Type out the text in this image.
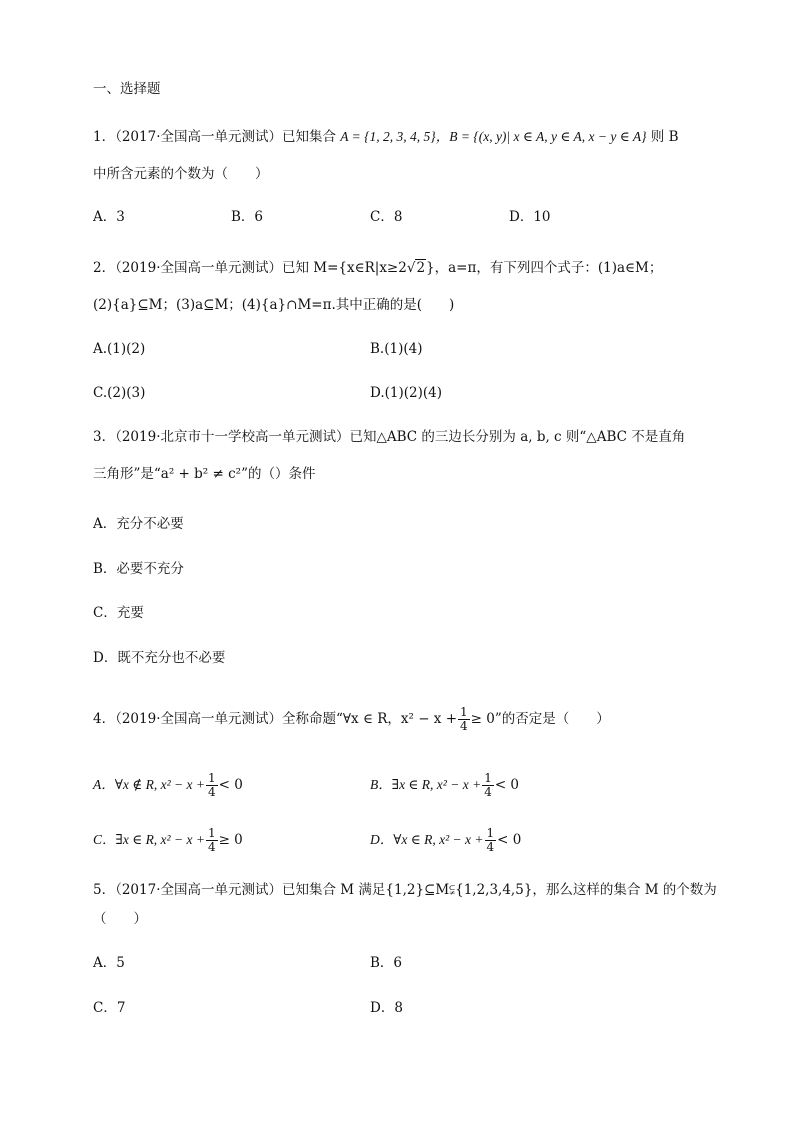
一、选择题
1．（2017·全国高一单元测试）已知集合 A = {1, 2, 3, 4, 5}，B = {(x, y)| x ∈ A, y ∈ A, x − y ∈ A} 则 B
中所含元素的个数为（　　）
A．3	B．6	C．8	D．10
2．（2019·全国高一单元测试）已知 M={x∈R|x≥2√2}，a=π，有下列四个式子：(1)a∈M；
(2){a}⊆M；(3)a⊆M；(4){a}∩M=π.其中正确的是(　　)
A.(1)(2)	B.(1)(4)
C.(2)(3)	D.(1)(2)(4)
3．（2019·北京市十一学校高一单元测试）已知△ABC 的三边长分别为 a, b, c 则“△ABC 不是直角
三角形”是“a² + b² ≠ c²”的（）条件
A．充分不必要
B．必要不充分
C．充要
D．既不充分也不必要
4．（2019·全国高一单元测试）全称命题“∀x ∈ R，$x^2 - x + \frac{1}{4} \ge 0$”的否定是（　　）
A．∀x ∉ R, $x^2 - x + \frac{1}{4} < 0$	B．∃x ∈ R, $x^2 - x + \frac{1}{4} < 0$
C．∃x ∈ R, $x^2 - x + \frac{1}{4} \ge 0$	D．∀x ∈ R, $x^2 - x + \frac{1}{4} < 0$
5．（2017·全国高一单元测试）已知集合 M 满足{1,2}⊆M⫋{1,2,3,4,5}，那么这样的集合 M 的个数为
（　　）
A．5	B．6
C．7	D．8
